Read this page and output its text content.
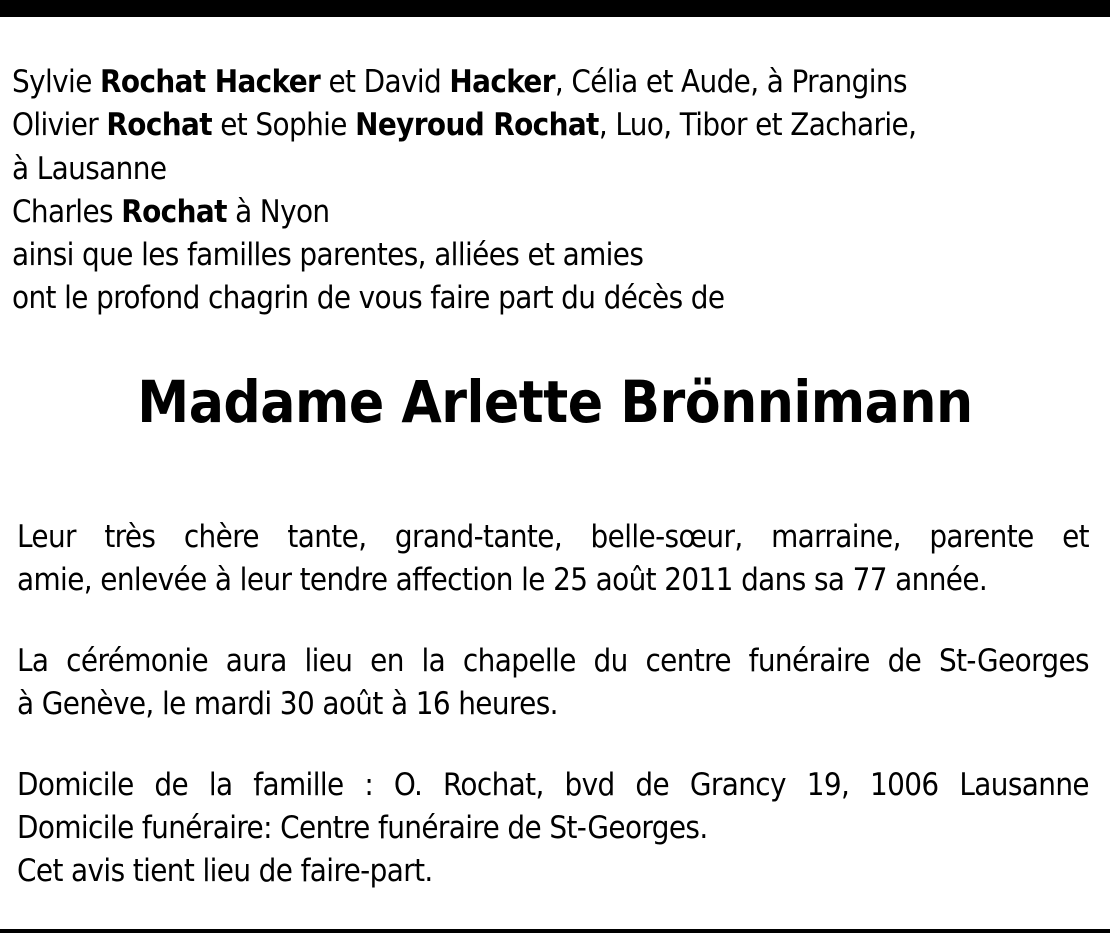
Sylvie Rochat Hacker et David Hacker, Célia et Aude, à Prangins
Olivier Rochat et Sophie Neyroud Rochat, Luo, Tibor et Zacharie,
à Lausanne
Charles Rochat à Nyon
ainsi que les familles parentes, alliées et amies
ont le profond chagrin de vous faire part du décès de
Madame Arlette Brönnimann
Leur très chère tante, grand-tante, belle-sœur, marraine, parente et
amie, enlevée à leur tendre affection le 25 août 2011 dans sa 77 année.
La cérémonie aura lieu en la chapelle du centre funéraire de St-Georges
à Genève, le mardi 30 août à 16 heures.
Domicile de la famille : O. Rochat, bvd de Grancy 19, 1006 Lausanne
Domicile funéraire: Centre funéraire de St-Georges.
Cet avis tient lieu de faire-part.
